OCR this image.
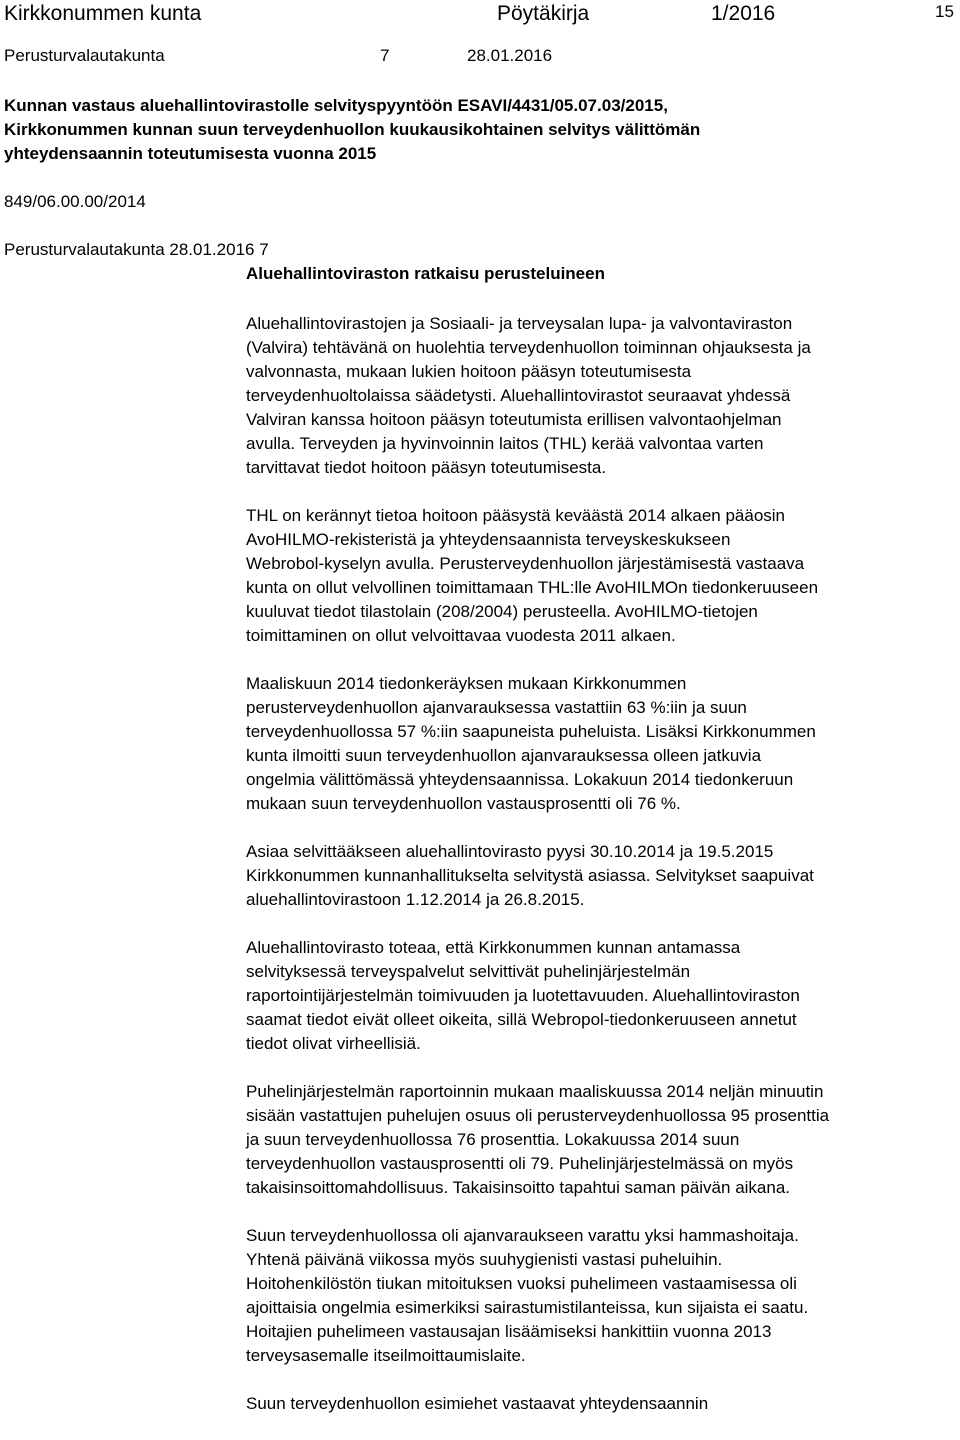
Kirkkonummen kunta	Pöytäkirja	1/2016	15
Perusturvalautakunta	7	28.01.2016
Kunnan vastaus aluehallintovirastolle selvityspyyntöön ESAVI/4431/05.07.03/2015,
Kirkkonummen kunnan suun terveydenhuollon kuukausikohtainen selvitys välittömän
yhteydensaannin toteutumisesta vuonna 2015
849/06.00.00/2014
Perusturvalautakunta 28.01.2016 7
Aluehallintoviraston ratkaisu perusteluineen

Aluehallintovirastojen ja Sosiaali- ja terveysalan lupa- ja valvontaviraston
(Valvira) tehtävänä on huolehtia terveydenhuollon toiminnan ohjauksesta ja
valvonnasta, mukaan lukien hoitoon pääsyn toteutumisesta
terveydenhuoltolaissa säädetysti. Aluehallintovirastot seuraavat yhdessä
Valviran kanssa hoitoon pääsyn toteutumista erillisen valvontaohjelman
avulla. Terveyden ja hyvinvoinnin laitos (THL) kerää valvontaa varten
tarvittavat tiedot hoitoon pääsyn toteutumisesta.

THL on kerännyt tietoa hoitoon pääsystä keväästä 2014 alkaen pääosin
AvoHILMO-rekisteristä ja yhteydensaannista terveyskeskukseen
Webrobol-kyselyn avulla. Perusterveydenhuollon järjestämisestä vastaava
kunta on ollut velvollinen toimittamaan THL:lle AvoHILMOn tiedonkeruuseen
kuuluvat tiedot tilastolain (208/2004) perusteella. AvoHILMO-tietojen
toimittaminen on ollut velvoittavaa vuodesta 2011 alkaen.

Maaliskuun 2014 tiedonkeräyksen mukaan Kirkkonummen
perusterveydenhuollon ajanvarauksessa vastattiin 63 %:iin ja suun
terveydenhuollossa 57 %:iin saapuneista puheluista. Lisäksi Kirkkonummen
kunta ilmoitti suun terveydenhuollon ajanvarauksessa olleen jatkuvia
ongelmia välittömässä yhteydensaannissa. Lokakuun 2014 tiedonkeruun
mukaan suun terveydenhuollon vastausprosentti oli 76 %.

Asiaa selvittääkseen aluehallintovirasto pyysi 30.10.2014 ja 19.5.2015
Kirkkonummen kunnanhallitukselta selvitystä asiassa. Selvitykset saapuivat
aluehallintovirastoon 1.12.2014 ja 26.8.2015.

Aluehallintovirasto toteaa, että Kirkkonummen kunnan antamassa
selvityksessä terveyspalvelut selvittivät puhelinjärjestelmän
raportointijärjestelmän toimivuuden ja luotettavuuden. Aluehallintoviraston
saamat tiedot eivät olleet oikeita, sillä Webropol-tiedonkeruuseen annetut
tiedot olivat virheellisiä.

Puhelinjärjestelmän raportoinnin mukaan maaliskuussa 2014 neljän minuutin
sisään vastattujen puhelujen osuus oli perusterveydenhuollossa 95 prosenttia
ja suun terveydenhuollossa 76 prosenttia. Lokakuussa 2014 suun
terveydenhuollon vastausprosentti oli 79. Puhelinjärjestelmässä on myös
takaisinsoittomahdollisuus. Takaisinsoitto tapahtui saman päivän aikana.

Suun terveydenhuollossa oli ajanvaraukseen varattu yksi hammashoitaja.
Yhtenä päivänä viikossa myös suuhygienisti vastasi puheluihin.
Hoitohenkilöstön tiukan mitoituksen vuoksi puhelimeen vastaamisessa oli
ajoittaisia ongelmia esimerkiksi sairastumistilanteissa, kun sijaista ei saatu.
Hoitajien puhelimeen vastausajan lisäämiseksi hankittiin vuonna 2013
terveysasemalle itseilmoittaumislaite.

Suun terveydenhuollon esimiehet vastaavat yhteydensaannin
